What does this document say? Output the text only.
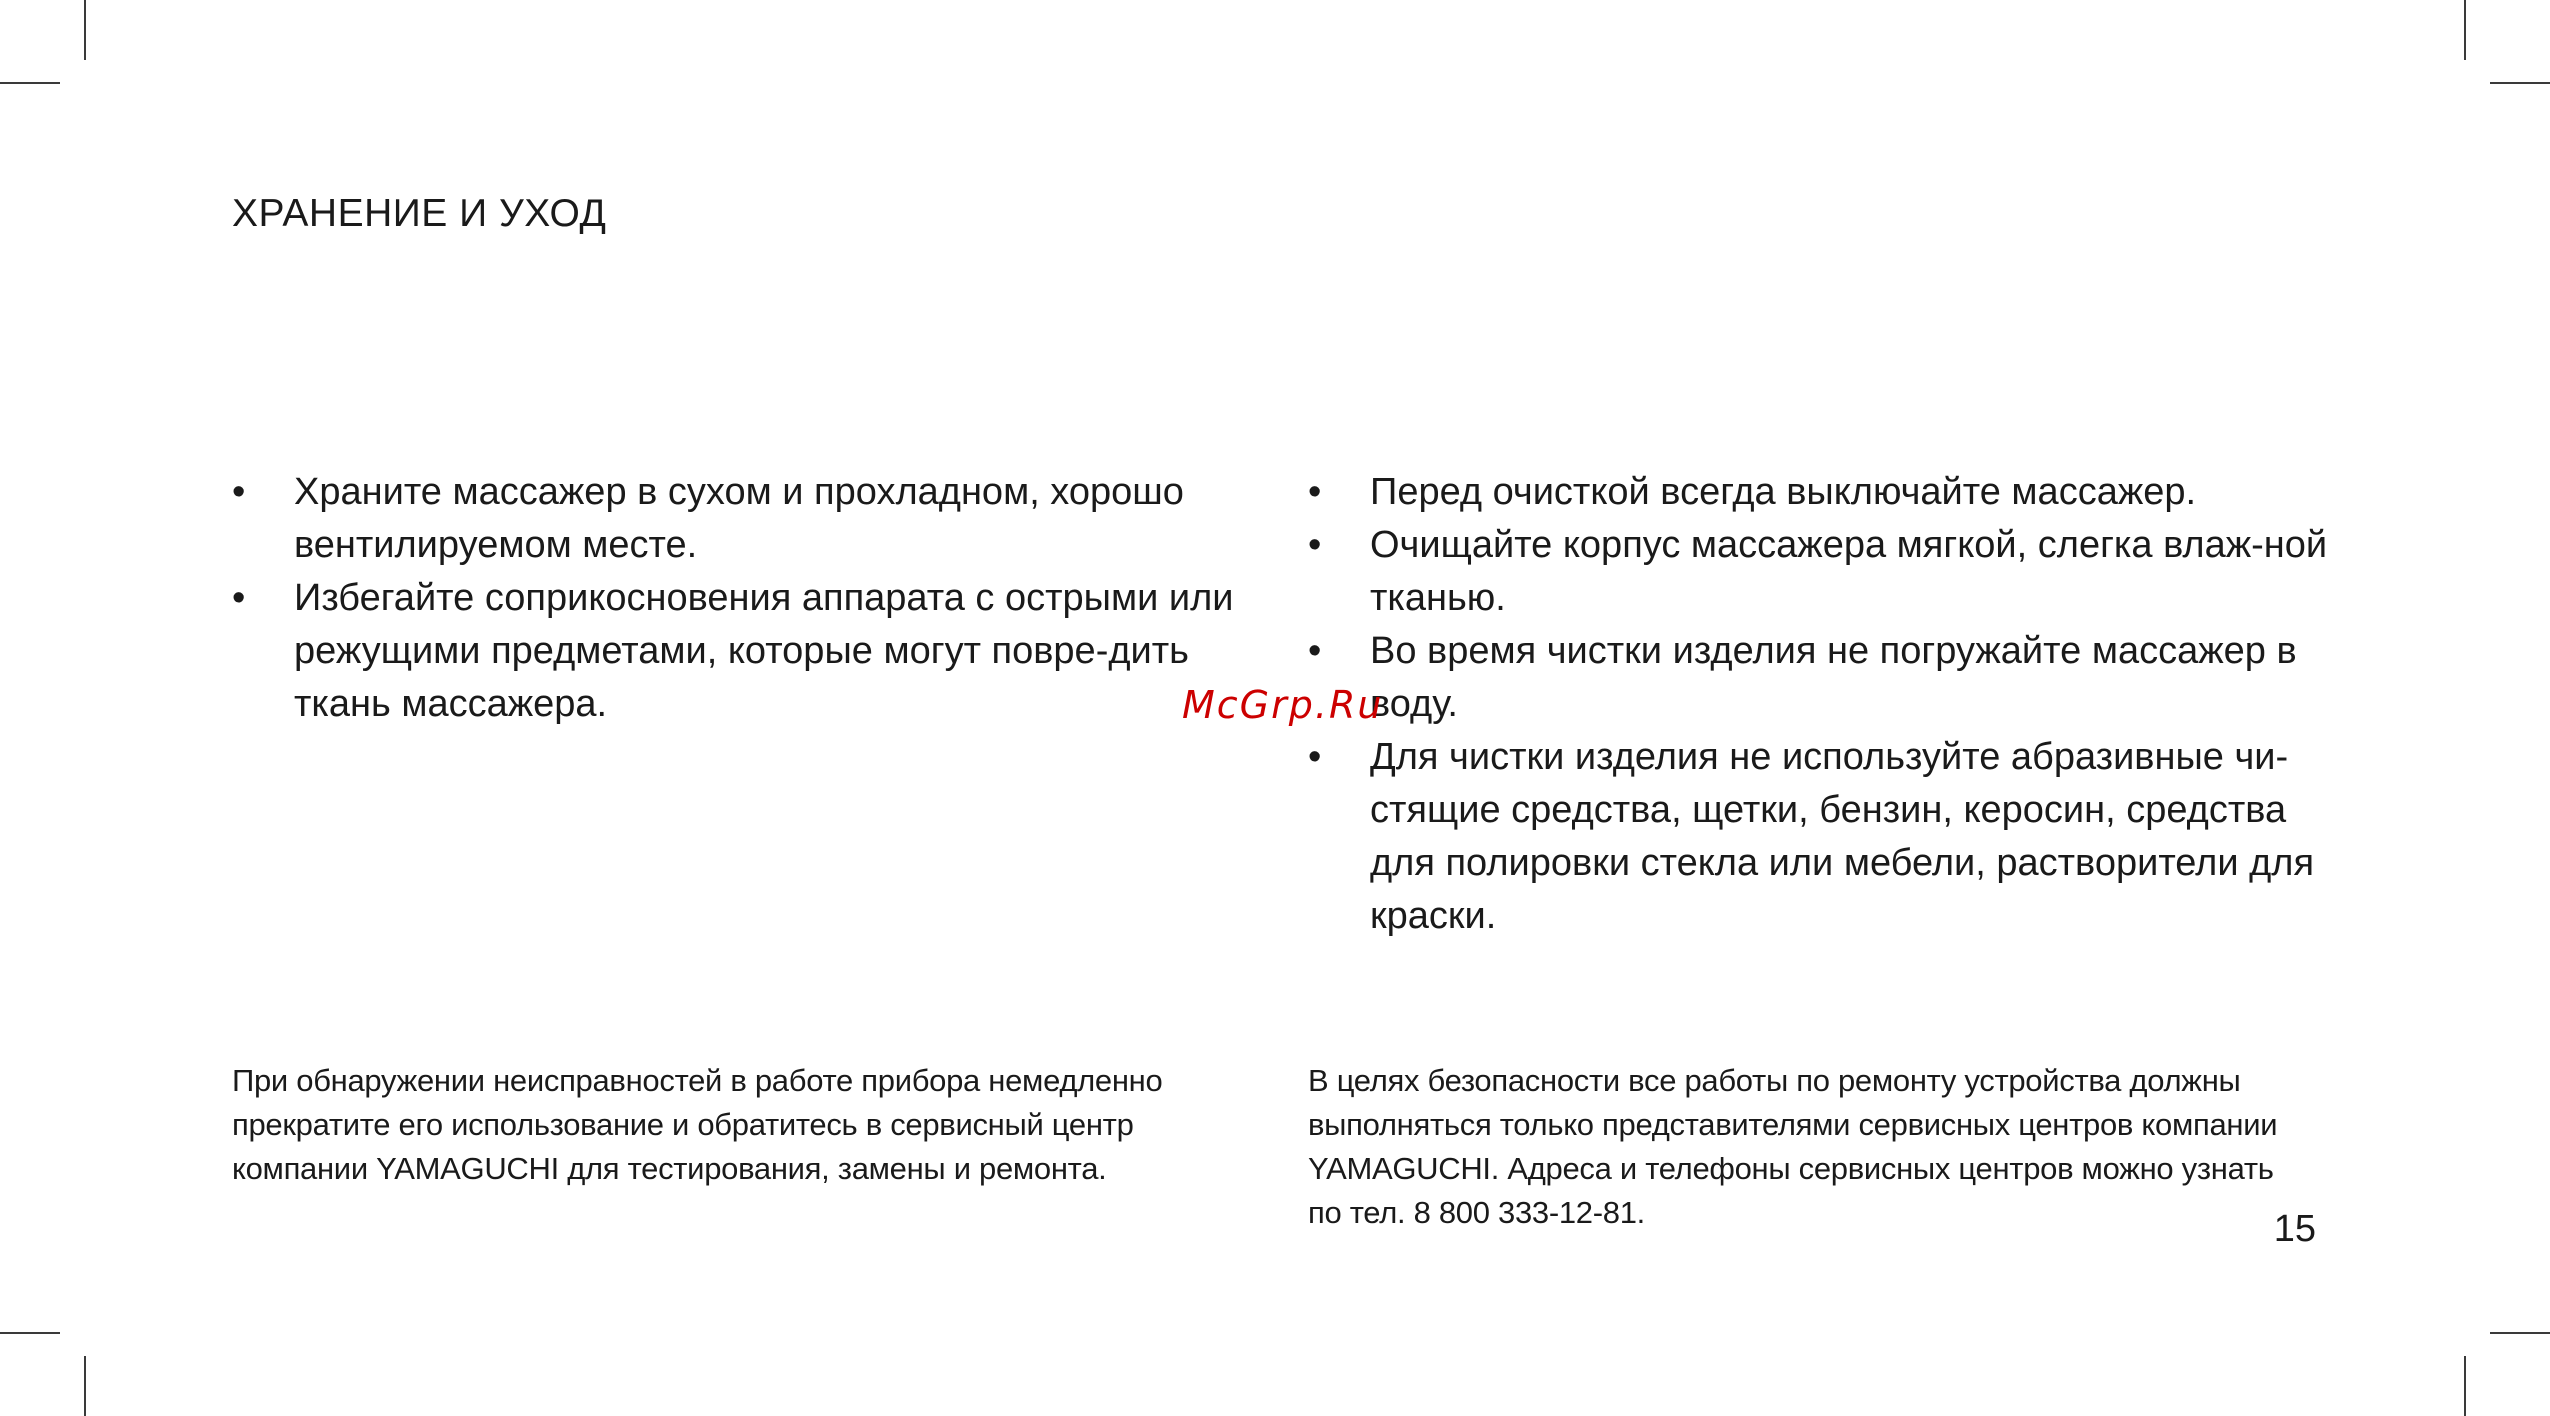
ХРАНЕНИЕ И УХОД
• Храните массажер в сухом и прохладном, хорошо вентилируемом месте.
• Избегайте соприкосновения аппарата с острыми или режущими предметами, которые могут повре-дить ткань массажера.
• Перед очисткой всегда выключайте массажер.
• Очищайте корпус массажера мягкой, слегка влаж-ной тканью.
• Во время чистки изделия не погружайте массажер в воду.
• Для чистки изделия не используйте абразивные чи-стящие средства, щетки, бензин, керосин, средства для полировки стекла или мебели, растворители для краски.
McGrp.Ru

При обнаружении неисправностей в работе прибора немедленно прекратите его использование и обратитесь в сервисный центр компании YAMAGUCHI для тестирования, замены и ремонта.

В целях безопасности все работы по ремонту устройства должны выполняться только представителями сервисных центров компании YAMAGUCHI. Адреса и телефоны сервисных центров можно узнать по тел. 8 800 333-12-81.	15
